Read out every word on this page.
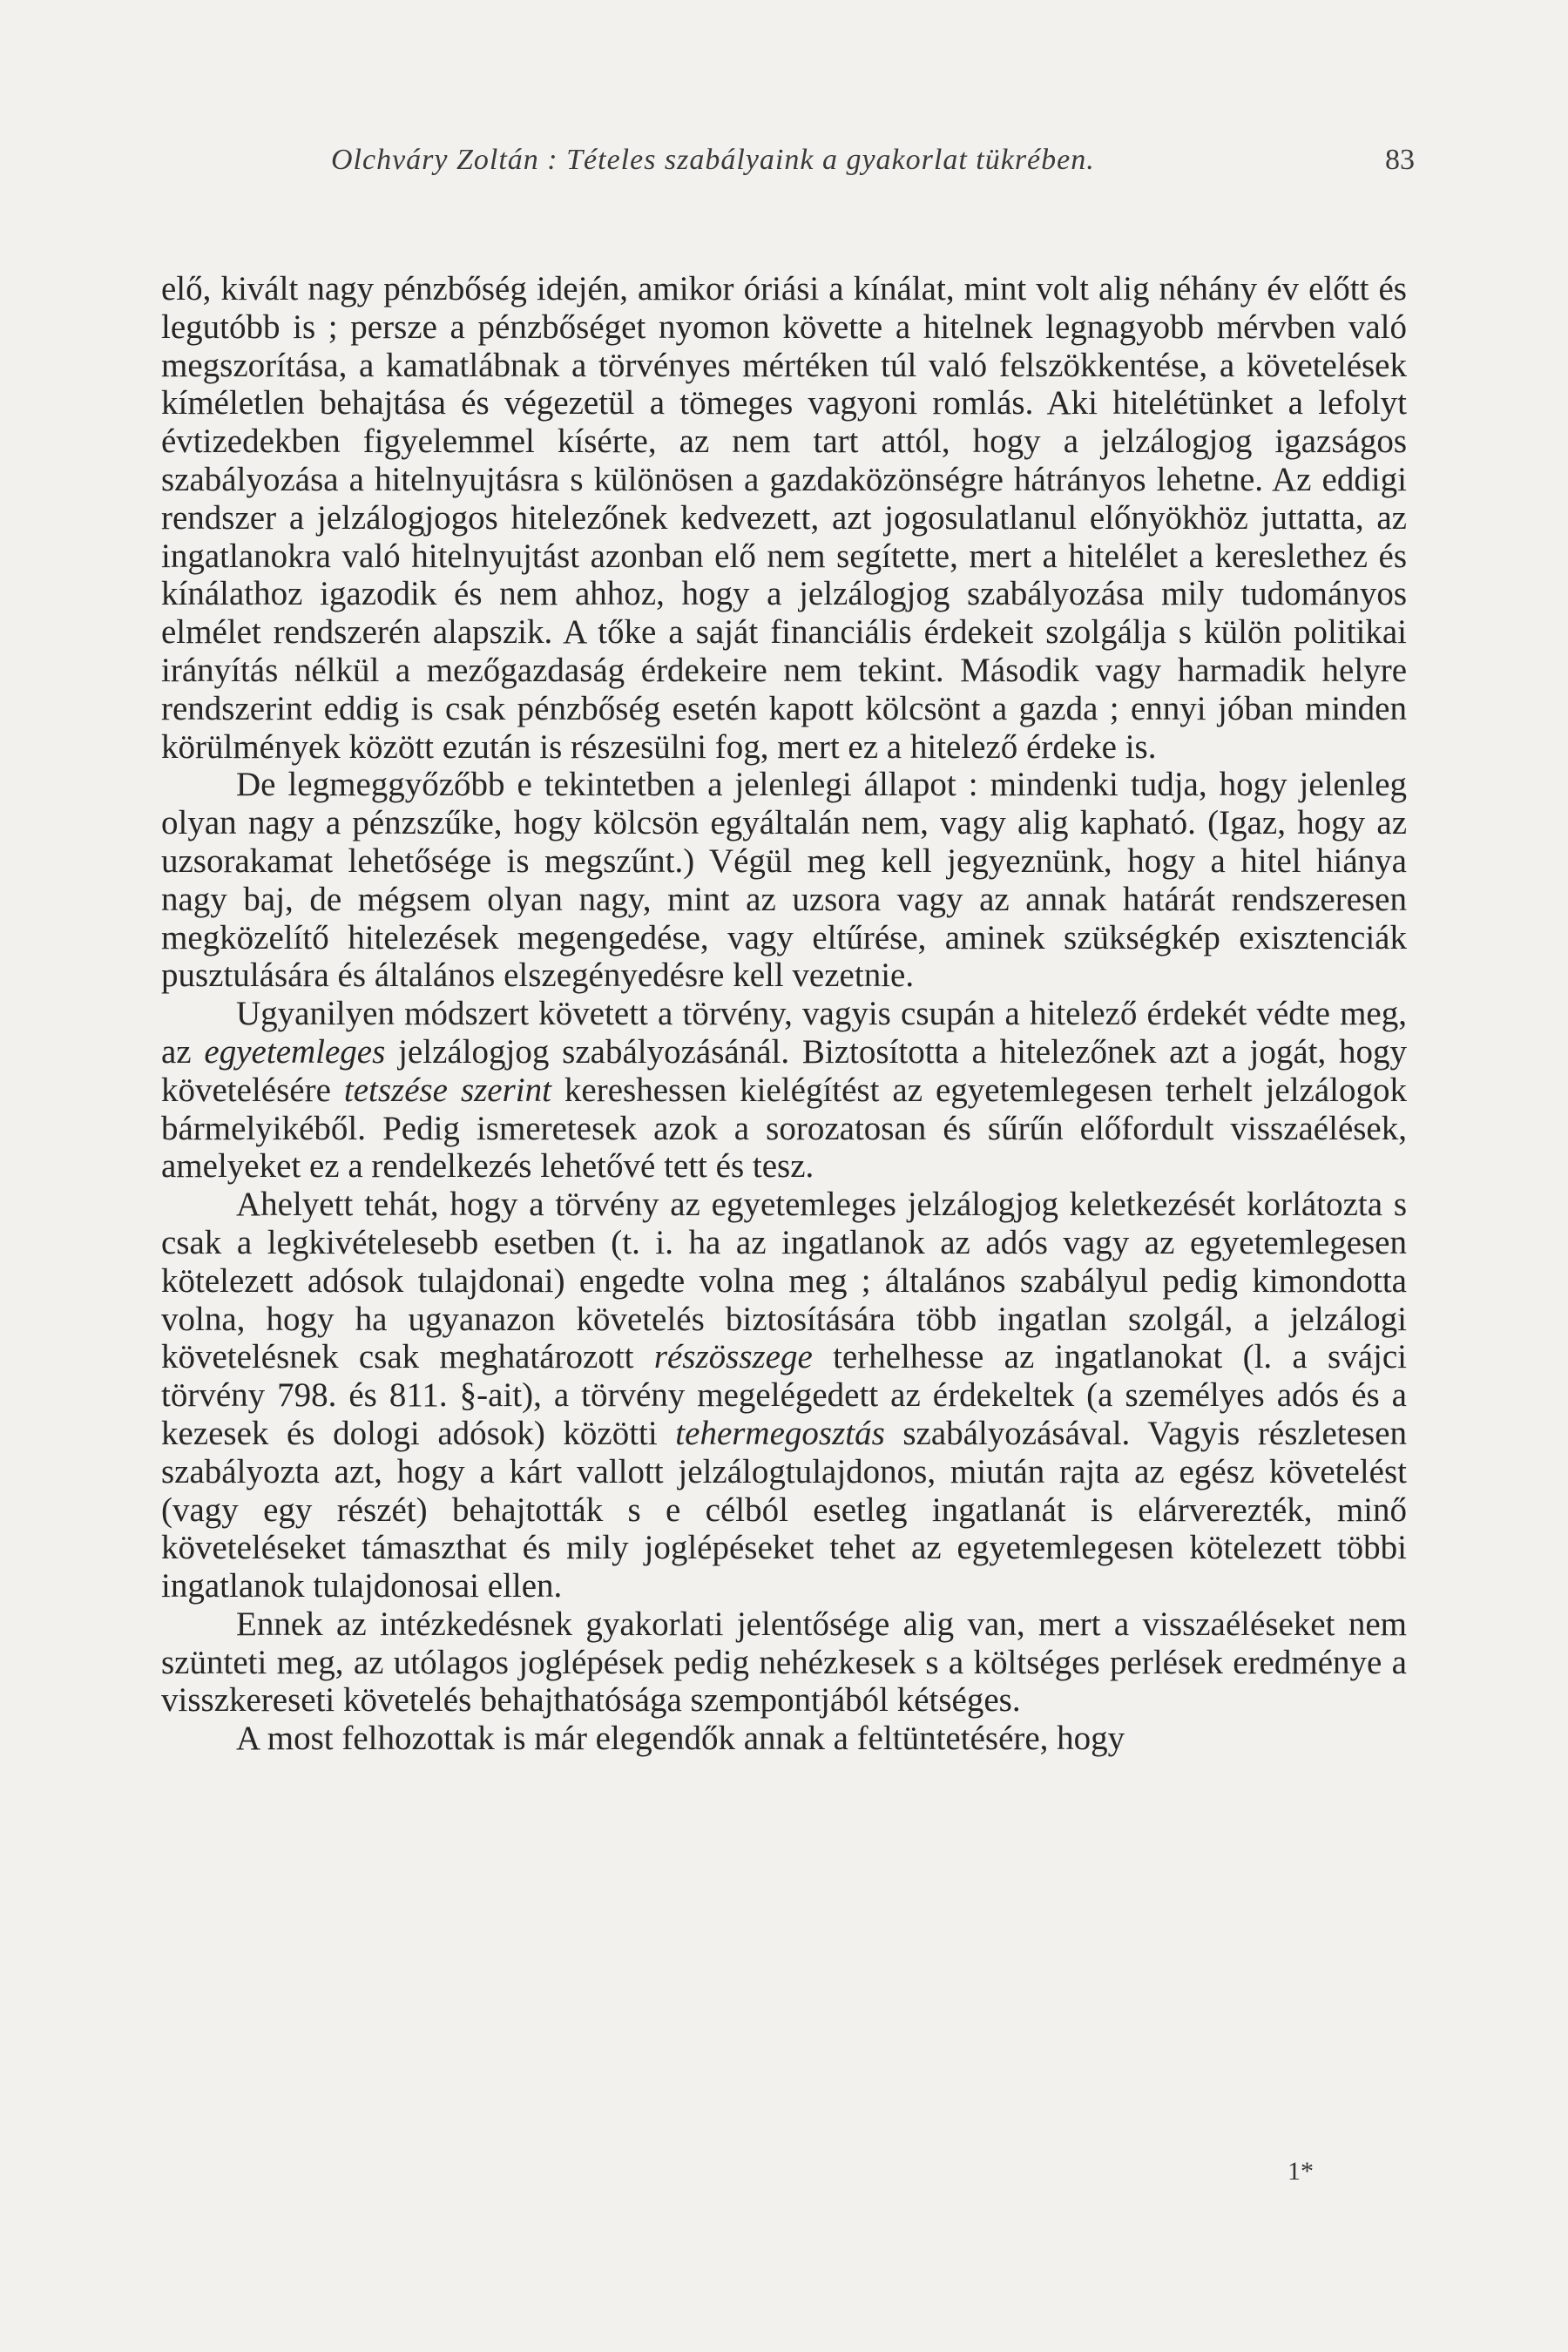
Olchváry Zoltán : Tételes szabályaink a gyakorlat tükrében.	83

elő, kivált nagy pénzbőség idején, amikor óriási a kínálat, mint volt alig néhány év előtt és legutóbb is ; persze a pénzbőséget nyomon követte a hitelnek legnagyobb mérvben való megszorítása, a kamatlábnak a törvényes mértéken túl való felszökkentése, a követelések kíméletlen behajtása és végezetül a tömeges vagyoni romlás. Aki hitelétünket a lefolyt évtizedekben figyelemmel kísérte, az nem tart attól, hogy a jelzálogjog igazságos szabályozása a hitelnyujtásra s különösen a gazdaközönségre hátrányos lehetne. Az eddigi rendszer a jelzálogjogos hitelezőnek kedvezett, azt jogosulatlanul előnyökhöz juttatta, az ingatlanokra való hitelnyujtást azonban elő nem segítette, mert a hitelélet a kereslethez és kínálathoz igazodik és nem ahhoz, hogy a jelzálogjog szabályozása mily tudományos elmélet rendszerén alapszik. A tőke a saját financiális érdekeit szolgálja s külön politikai irányítás nélkül a mezőgazdaság érdekeire nem tekint. Második vagy harmadik helyre rendszerint eddig is csak pénzbőség esetén kapott kölcsönt a gazda ; ennyi jóban minden körülmények között ezután is részesülni fog, mert ez a hitelező érdeke is.

De legmeggyőzőbb e tekintetben a jelenlegi állapot : mindenki tudja, hogy jelenleg olyan nagy a pénzszűke, hogy kölcsön egyáltalán nem, vagy alig kapható. (Igaz, hogy az uzsorakamat lehetősége is megszűnt.) Végül meg kell jegyeznünk, hogy a hitel hiánya nagy baj, de mégsem olyan nagy, mint az uzsora vagy az annak határát rendszeresen megközelítő hitelezések megengedése, vagy eltűrése, aminek szükségkép exisztenciák pusztulására és általános elszegényedésre kell vezetnie.

Ugyanilyen módszert követett a törvény, vagyis csupán a hitelező érdekét védte meg, az egyetemleges jelzálogjog szabályozásánál. Biztosította a hitelezőnek azt a jogát, hogy követelésére tetszése szerint kereshessen kielégítést az egyetemlegesen terhelt jelzálogok bármelyikéből. Pedig ismeretesek azok a sorozatosan és sűrűn előfordult visszaélések, amelyeket ez a rendelkezés lehetővé tett és tesz.

Ahelyett tehát, hogy a törvény az egyetemleges jelzálogjog keletkezését korlátozta s csak a legkivételesebb esetben (t. i. ha az ingatlanok az adós vagy az egyetemlegesen kötelezett adósok tulajdonai) engedte volna meg ; általános szabályul pedig kimondotta volna, hogy ha ugyanazon követelés biztosítására több ingatlan szolgál, a jelzálogi követelésnek csak meghatározott részösszege terhelhesse az ingatlanokat (l. a svájci törvény 798. és 811. §-ait), a törvény megelégedett az érdekeltek (a személyes adós és a kezesek és dologi adósok) közötti tehermegosztás szabályozásával. Vagyis részletesen szabályozta azt, hogy a kárt vallott jelzálogtulajdonos, miután rajta az egész követelést (vagy egy részét) behajtották s e célból esetleg ingatlanát is elárverezték, minő követeléseket támaszthat és mily joglépéseket tehet az egyetemlegesen kötelezett többi ingatlanok tulajdonosai ellen.

Ennek az intézkedésnek gyakorlati jelentősége alig van, mert a visszaéléseket nem szünteti meg, az utólagos joglépések pedig nehézkesek s a költséges perlések eredménye a visszkereseti követelés behajthatósága szempontjából kétséges.

A most felhozottak is már elegendők annak a feltüntetésére, hogy

1*
